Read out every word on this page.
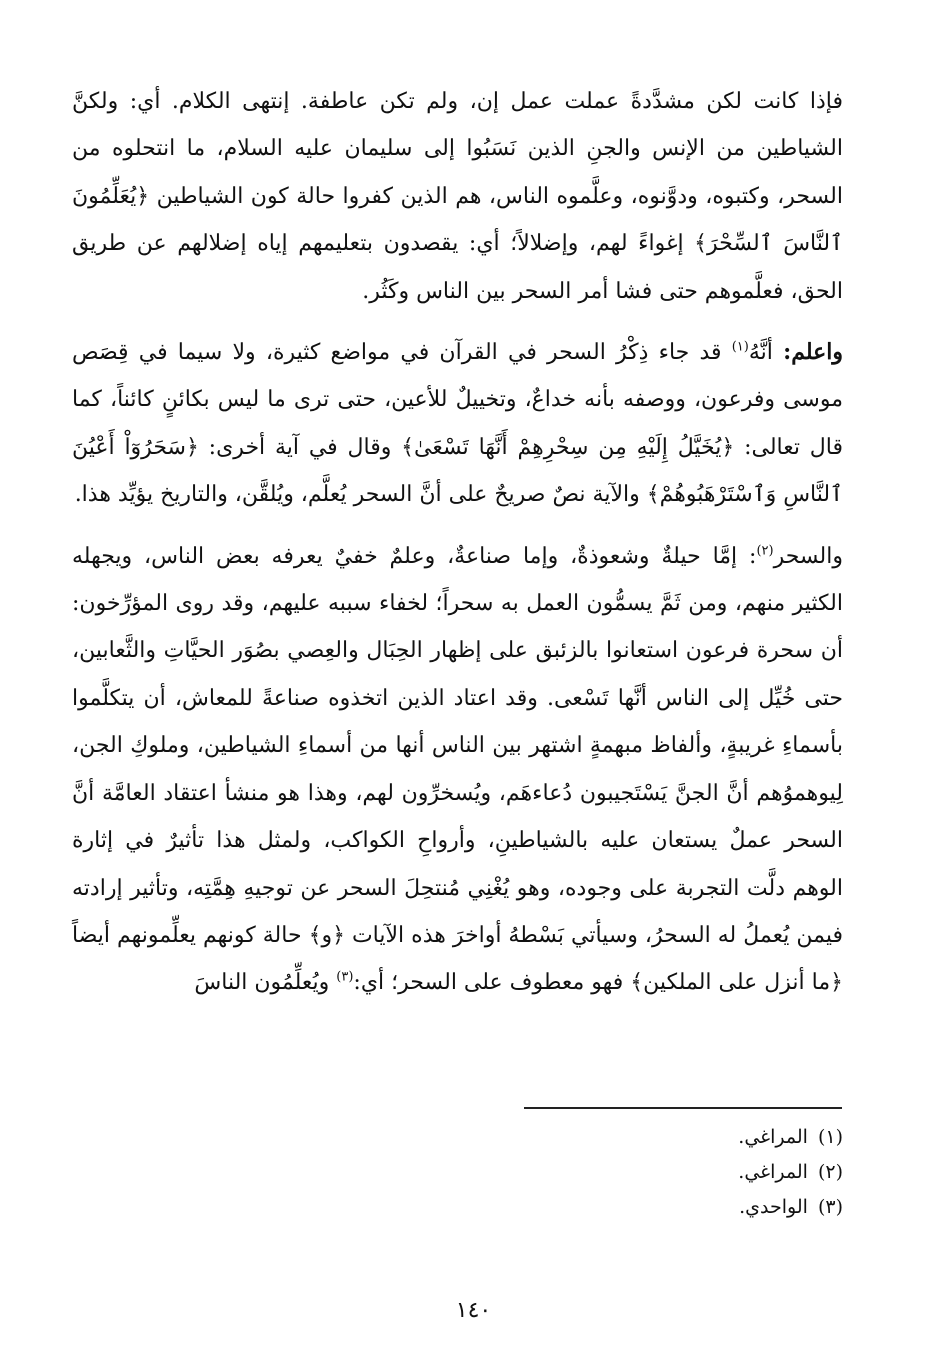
فإذا كانت لكن مشدَّدةً عملت عمل إن، ولم تكن عاطفة. إنتهى الكلام. أي: ولكنَّ الشياطين من الإنس والجنِ الذين نَسَبُوا إلى سليمان عليه السلام، ما انتحلوه من السحر، وكتبوه، ودوَّنوه، وعلَّموه الناس، هم الذين كفروا حالة كون الشياطين ﴿يُعَلِّمُونَ ٱلنَّاسَ ٱلسِّحْرَ﴾ إغواءً لهم، وإضلالاً؛ أي: يقصدون بتعليمهم إياه إضلالهم عن طريق الحق، فعلَّموهم حتى فشا أمر السحر بين الناس وكَثُر.

واعلم: أنَّهُ$^{(١)}$ قد جاء ذِكْرُ السحر في القرآن في مواضع كثيرة، ولا سيما في قِصَص موسى وفرعون، ووصفه بأنه خداعٌ، وتخييلٌ للأعين، حتى ترى ما ليس بكائنٍ كائناً، كما قال تعالى: ﴿يُخَيَّلُ إِلَيْهِ مِن سِحْرِهِمْ أَنَّهَا تَسْعَىٰ﴾ وقال في آية أخرى: ﴿سَحَرُوٓاْ أَعْيُنَ ٱلنَّاسِ وَٱسْتَرْهَبُوهُمْ﴾ والآية نصٌ صريحٌ على أنَّ السحر يُعلَّم، ويُلقَّن، والتاريخ يؤيِّد هذا.

والسحر$^{(٢)}$: إمَّا حيلةٌ وشعوذةٌ، وإما صناعةٌ، وعلمٌ خفيٌ يعرفه بعض الناس، ويجهله الكثير منهم، ومن ثَمَّ يسمُّون العمل به سحراً؛ لخفاء سببه عليهم، وقد روى المؤرِّخون: أن سحرة فرعون استعانوا بالزئبق على إظهار الحِبَال والعِصي بصُوَر الحيَّاتِ والثَّعابين، حتى خُيِّل إلى الناس أنَّها تَسْعى. وقد اعتاد الذين اتخذوه صناعةً للمعاش، أن يتكلَّموا بأسماءِ غريبةٍ، وألفاظ مبهمةٍ اشتهر بين الناس أنها من أسماءِ الشياطين، وملوكِ الجن، لِيوهموُهم أنَّ الجنَّ يَسْتَجيبون دُعاءهَم، ويُسخرِّون لهم، وهذا هو منشأ اعتقاد العامَّة أنَّ السحر عملٌ يستعان عليه بالشياطينِ، وأرواحِ الكواكب، ولمثل هذا تأثيرٌ في إثارة الوهم دلَّت التجربة على وجوده، وهو يُغْنِي مُنتحِلَ السحر عن توجيهِ هِمَّتِه، وتأثير إرادته فيمن يُعملُ له السحرُ، وسيأتي بَسْطهُ أواخرَ هذه الآيات ﴿و﴾ حالة كونهم يعلِّمونهم أيضاً ﴿ما أنزل على الملكين﴾ فهو معطوف على السحر؛ أي:$^{(٣)}$ ويُعلِّمُون الناسَ

(١)المراغي.

(٢)المراغي.

(٣)الواحدي.

١٤٠
